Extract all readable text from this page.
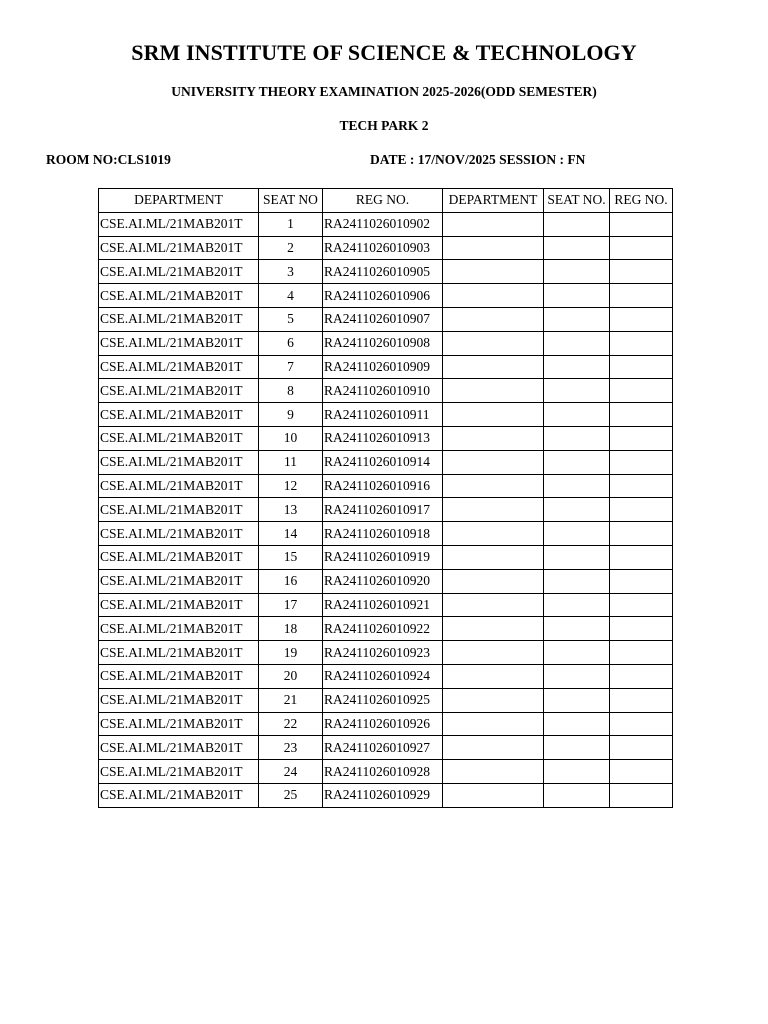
SRM INSTITUTE OF SCIENCE & TECHNOLOGY
UNIVERSITY THEORY EXAMINATION 2025-2026(ODD SEMESTER)
TECH PARK 2
ROOM NO:CLS1019	DATE : 17/NOV/2025 SESSION : FN
DEPARTMENT	SEAT NO	REG NO.	DEPARTMENT	SEAT NO.	REG NO.
CSE.AI.ML/21MAB201T	1	RA2411026010902			
CSE.AI.ML/21MAB201T	2	RA2411026010903			
CSE.AI.ML/21MAB201T	3	RA2411026010905			
CSE.AI.ML/21MAB201T	4	RA2411026010906			
CSE.AI.ML/21MAB201T	5	RA2411026010907			
CSE.AI.ML/21MAB201T	6	RA2411026010908			
CSE.AI.ML/21MAB201T	7	RA2411026010909			
CSE.AI.ML/21MAB201T	8	RA2411026010910			
CSE.AI.ML/21MAB201T	9	RA2411026010911			
CSE.AI.ML/21MAB201T	10	RA2411026010913			
CSE.AI.ML/21MAB201T	11	RA2411026010914			
CSE.AI.ML/21MAB201T	12	RA2411026010916			
CSE.AI.ML/21MAB201T	13	RA2411026010917			
CSE.AI.ML/21MAB201T	14	RA2411026010918			
CSE.AI.ML/21MAB201T	15	RA2411026010919			
CSE.AI.ML/21MAB201T	16	RA2411026010920			
CSE.AI.ML/21MAB201T	17	RA2411026010921			
CSE.AI.ML/21MAB201T	18	RA2411026010922			
CSE.AI.ML/21MAB201T	19	RA2411026010923			
CSE.AI.ML/21MAB201T	20	RA2411026010924			
CSE.AI.ML/21MAB201T	21	RA2411026010925			
CSE.AI.ML/21MAB201T	22	RA2411026010926			
CSE.AI.ML/21MAB201T	23	RA2411026010927			
CSE.AI.ML/21MAB201T	24	RA2411026010928			
CSE.AI.ML/21MAB201T	25	RA2411026010929			
